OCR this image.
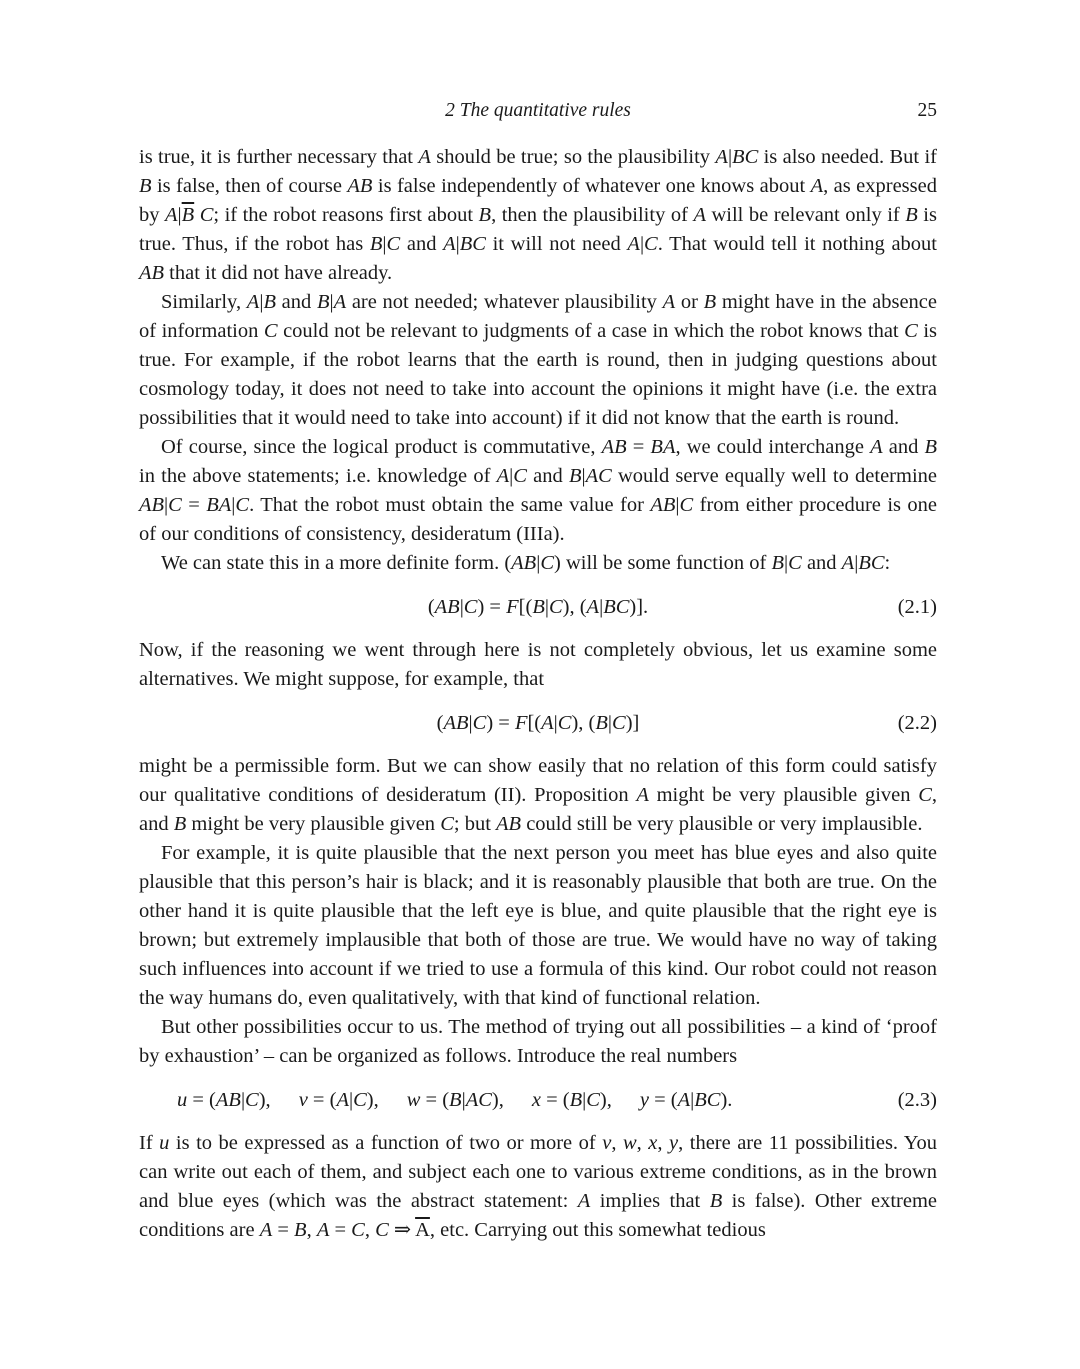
2 The quantitative rules	25

is true, it is further necessary that A should be true; so the plausibility A|BC is also needed. But if B is false, then of course AB is false independently of whatever one knows about A, as expressed by $A|\overline{B}$ C; if the robot reasons first about B, then the plausibility of A will be relevant only if B is true. Thus, if the robot has B|C and A|BC it will not need A|C. That would tell it nothing about AB that it did not have already.

Similarly, A|B and B|A are not needed; whatever plausibility A or B might have in the absence of information C could not be relevant to judgments of a case in which the robot knows that C is true. For example, if the robot learns that the earth is round, then in judging questions about cosmology today, it does not need to take into account the opinions it might have (i.e. the extra possibilities that it would need to take into account) if it did not know that the earth is round.

Of course, since the logical product is commutative, AB = BA, we could interchange A and B in the above statements; i.e. knowledge of A|C and B|AC would serve equally well to determine AB|C = BA|C. That the robot must obtain the same value for AB|C from either procedure is one of our conditions of consistency, desideratum (IIIa).

We can state this in a more definite form. (AB|C) will be some function of B|C and A|BC:

(AB|C) = F[(B|C), (A|BC)].	(2.1)

Now, if the reasoning we went through here is not completely obvious, let us examine some alternatives. We might suppose, for example, that

(AB|C) = F[(A|C), (B|C)]	(2.2)

might be a permissible form. But we can show easily that no relation of this form could satisfy our qualitative conditions of desideratum (II). Proposition A might be very plausible given C, and B might be very plausible given C; but AB could still be very plausible or very implausible.

For example, it is quite plausible that the next person you meet has blue eyes and also quite plausible that this person’s hair is black; and it is reasonably plausible that both are true. On the other hand it is quite plausible that the left eye is blue, and quite plausible that the right eye is brown; but extremely implausible that both of those are true. We would have no way of taking such influences into account if we tried to use a formula of this kind. Our robot could not reason the way humans do, even qualitatively, with that kind of functional relation.

But other possibilities occur to us. The method of trying out all possibilities – a kind of ‘proof by exhaustion’ – can be organized as follows. Introduce the real numbers

u = (AB|C), v = (A|C), w = (B|AC), x = (B|C), y = (A|BC).	(2.3)

If u is to be expressed as a function of two or more of v, w, x, y, there are 11 possibilities. You can write out each of them, and subject each one to various extreme conditions, as in the brown and blue eyes (which was the abstract statement: A implies that B is false). Other extreme conditions are A = B, A = C, C ⇒ $\overline{A}$, etc. Carrying out this somewhat tedious
